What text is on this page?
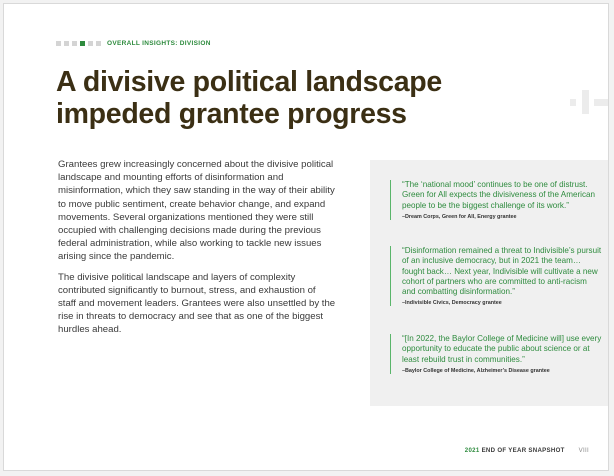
OVERALL INSIGHTS: DIVISION
A divisive political landscape
impeded grantee progress

Grantees grew increasingly concerned about the divisive political landscape and mounting efforts of disinformation and misinformation, which they saw standing in the way of their ability to move public sentiment, create behavior change, and expand movements. Several organizations mentioned they were still occupied with challenging decisions made during the previous federal administration, while also working to tackle new issues arising since the pandemic.

The divisive political landscape and layers of complexity contributed significantly to burnout, stress, and exhaustion of staff and movement leaders. Grantees were also unsettled by the rise in threats to democracy and see that as one of the biggest hurdles ahead.

“The ‘national mood’ continues to be one of distrust. Green for All expects the divisiveness of the American people to be the biggest challenge of its work.”

–Dream Corps, Green for All, Energy grantee

“Disinformation remained a threat to Indivisible’s pursuit of an inclusive democracy, but in 2021 the team…fought back… Next year, Indivisible will cultivate a new cohort of partners who are committed to anti-racism and combatting disinformation.”

–Indivisible Civics, Democracy grantee

“[In 2022, the Baylor College of Medicine will] use every opportunity to educate the public about science or at least rebuild trust in communities.”

–Baylor College of Medicine, Alzheimer’s Disease grantee
2021 END OF YEAR SNAPSHOT VIII
